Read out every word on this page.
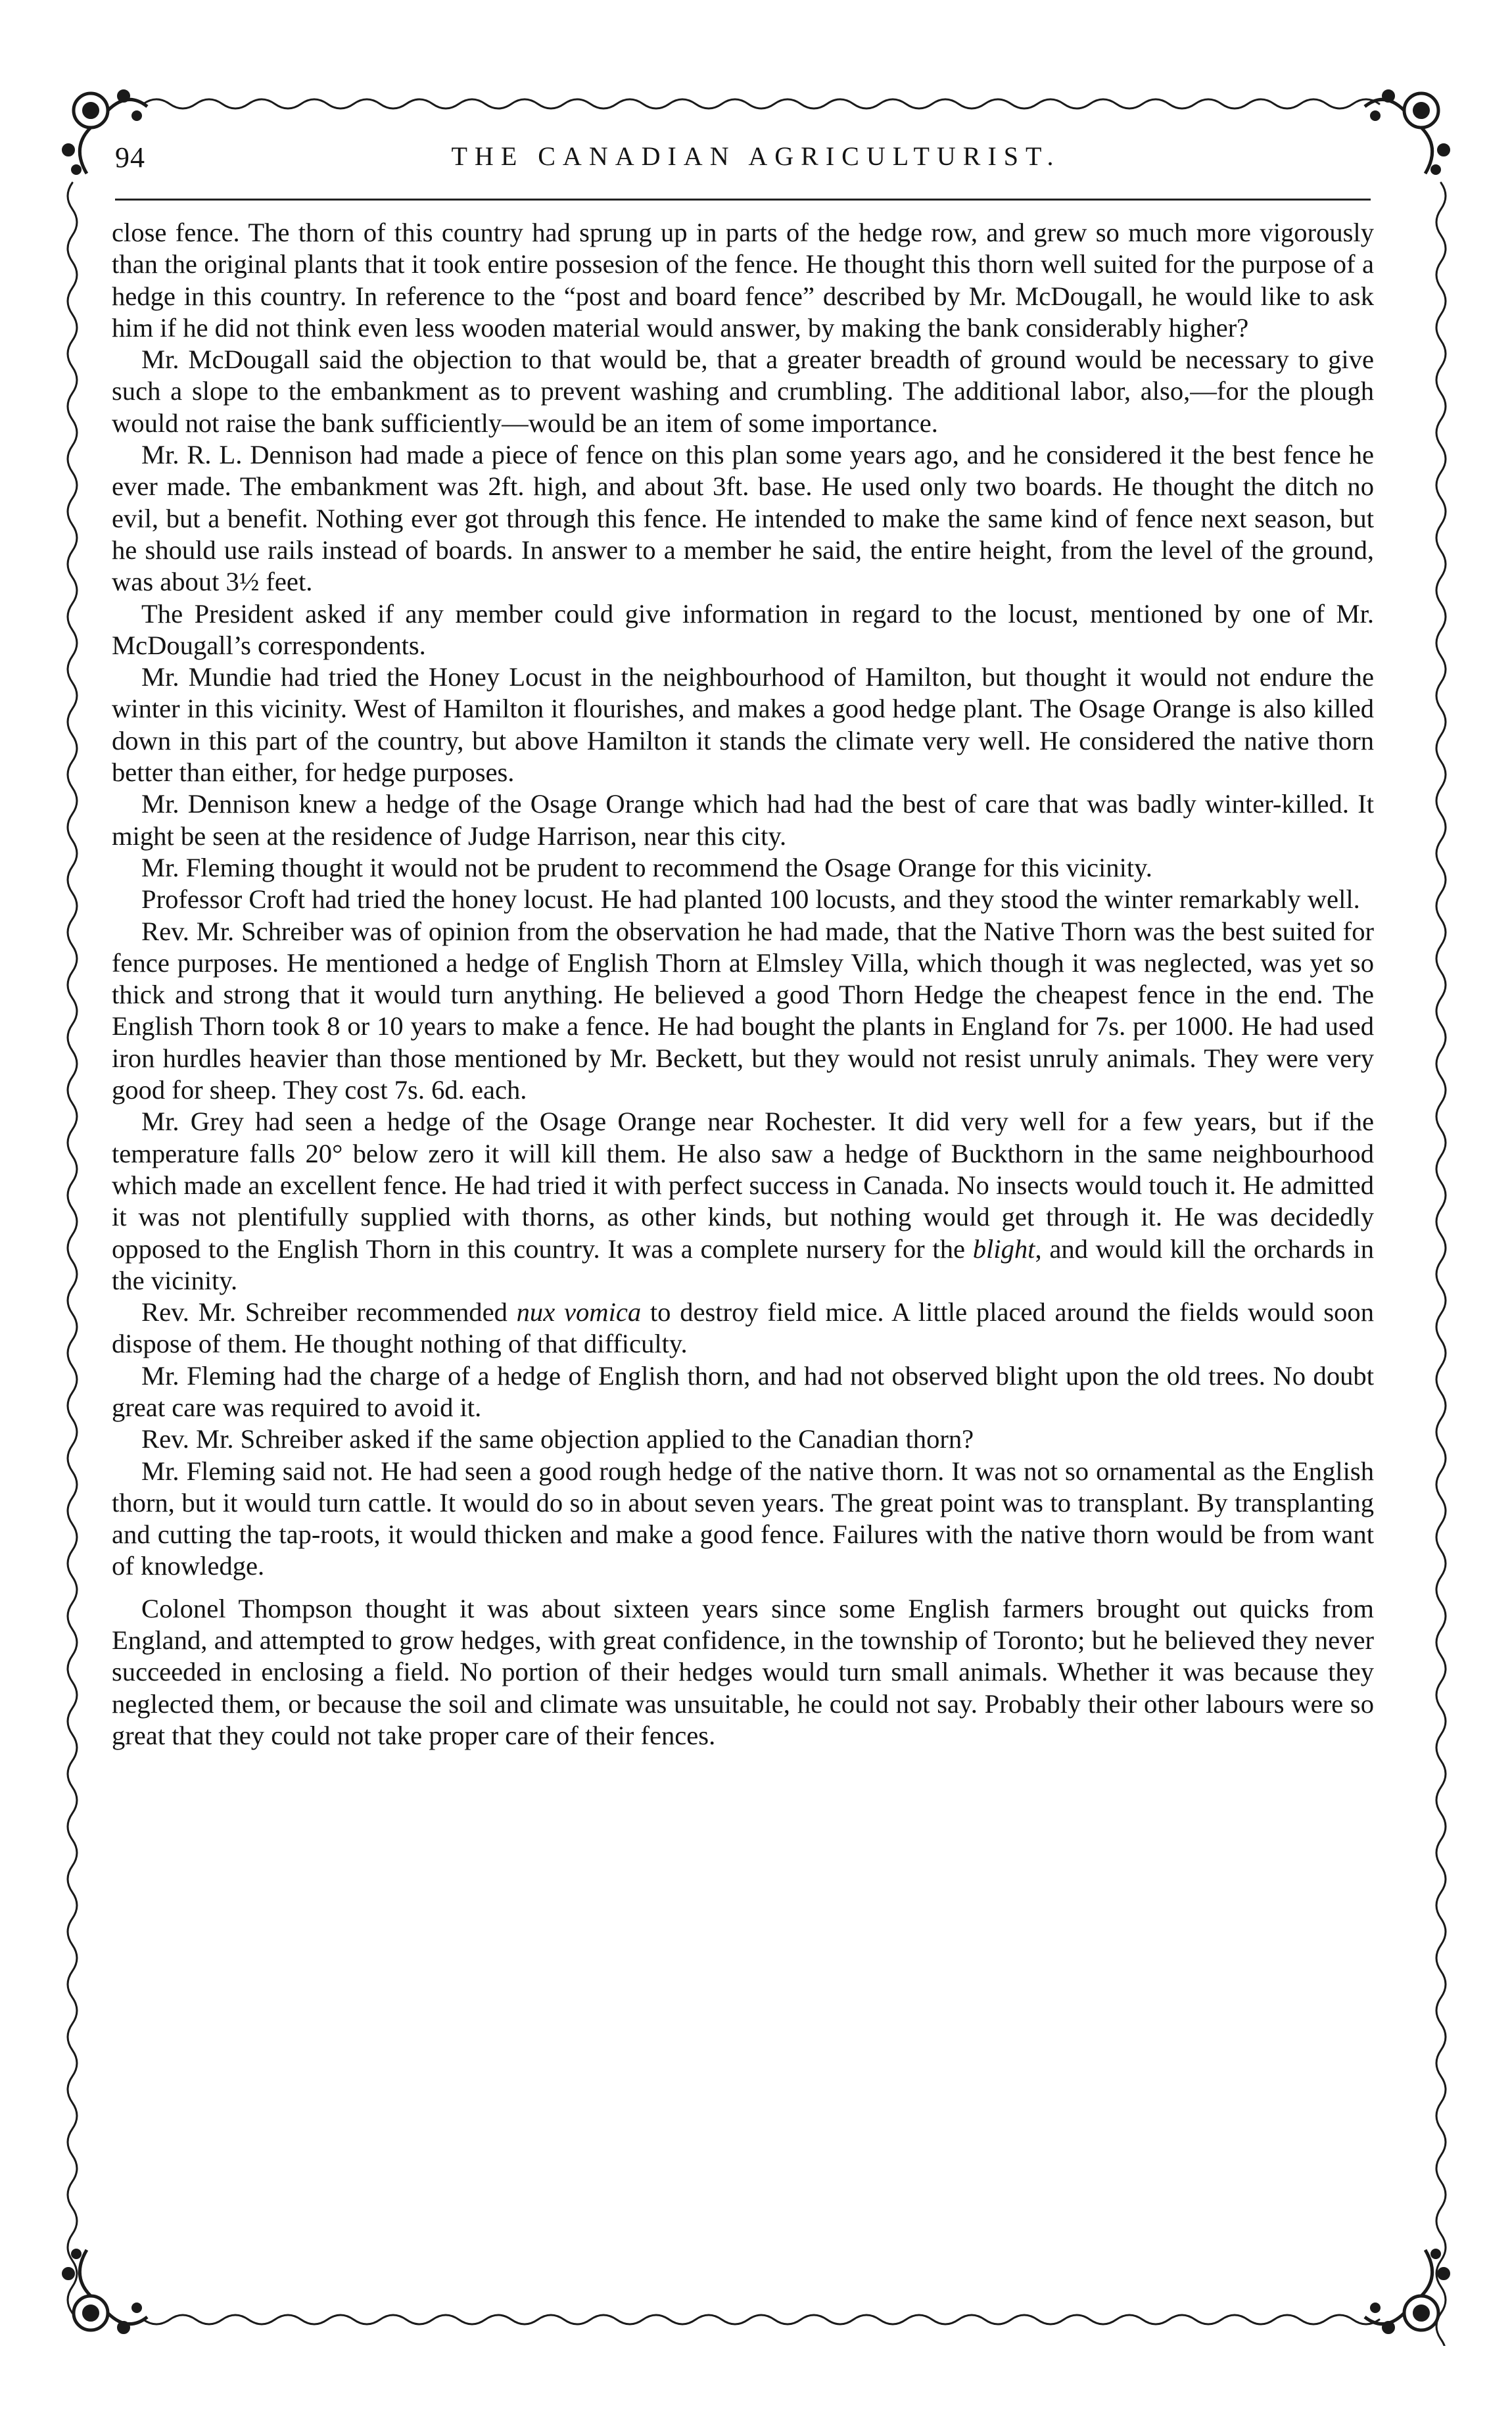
94	THE CANADIAN AGRICULTURIST.

close fence. The thorn of this country had sprung up in parts of the hedge row, and grew so much more vigorously than the original plants that it took entire possesion of the fence. He thought this thorn well suited for the purpose of a hedge in this country. In reference to the “post and board fence” described by Mr. McDougall, he would like to ask him if he did not think even less wooden material would answer, by making the bank considerably higher?

Mr. McDougall said the objection to that would be, that a greater breadth of ground would be necessary to give such a slope to the embankment as to prevent washing and crumbling. The additional labor, also,—for the plough would not raise the bank sufficiently—would be an item of some importance.

Mr. R. L. Dennison had made a piece of fence on this plan some years ago, and he considered it the best fence he ever made. The embankment was 2ft. high, and about 3ft. base. He used only two boards. He thought the ditch no evil, but a benefit. Nothing ever got through this fence. He intended to make the same kind of fence next season, but he should use rails instead of boards. In answer to a member he said, the entire height, from the level of the ground, was about 3½ feet.

The President asked if any member could give information in regard to the locust, mentioned by one of Mr. McDougall’s correspondents.

Mr. Mundie had tried the Honey Locust in the neighbourhood of Hamilton, but thought it would not endure the winter in this vicinity. West of Hamilton it flourishes, and makes a good hedge plant. The Osage Orange is also killed down in this part of the country, but above Hamilton it stands the climate very well. He considered the native thorn better than either, for hedge purposes.

Mr. Dennison knew a hedge of the Osage Orange which had had the best of care that was badly winter-killed. It might be seen at the residence of Judge Harrison, near this city.

Mr. Fleming thought it would not be prudent to recommend the Osage Orange for this vicinity.

Professor Croft had tried the honey locust. He had planted 100 locusts, and they stood the winter remarkably well.

Rev. Mr. Schreiber was of opinion from the observation he had made, that the Native Thorn was the best suited for fence purposes. He mentioned a hedge of English Thorn at Elmsley Villa, which though it was neglected, was yet so thick and strong that it would turn anything. He believed a good Thorn Hedge the cheapest fence in the end. The English Thorn took 8 or 10 years to make a fence. He had bought the plants in England for 7s. per 1000. He had used iron hurdles heavier than those mentioned by Mr. Beckett, but they would not resist unruly animals. They were very good for sheep. They cost 7s. 6d. each.

Mr. Grey had seen a hedge of the Osage Orange near Rochester. It did very well for a few years, but if the temperature falls 20° below zero it will kill them. He also saw a hedge of Buckthorn in the same neighbourhood which made an excellent fence. He had tried it with perfect success in Canada. No insects would touch it. He admitted it was not plentifully supplied with thorns, as other kinds, but nothing would get through it. He was decidedly opposed to the English Thorn in this country. It was a complete nursery for the blight, and would kill the orchards in the vicinity.

Rev. Mr. Schreiber recommended nux vomica to destroy field mice. A little placed around the fields would soon dispose of them. He thought nothing of that difficulty.

Mr. Fleming had the charge of a hedge of English thorn, and had not observed blight upon the old trees. No doubt great care was required to avoid it.

Rev. Mr. Schreiber asked if the same objection applied to the Canadian thorn?

Mr. Fleming said not. He had seen a good rough hedge of the native thorn. It was not so ornamental as the English thorn, but it would turn cattle. It would do so in about seven years. The great point was to transplant. By transplanting and cutting the tap-roots, it would thicken and make a good fence. Failures with the native thorn would be from want of knowledge.

Colonel Thompson thought it was about sixteen years since some English farmers brought out quicks from England, and attempted to grow hedges, with great confidence, in the township of Toronto; but he believed they never succeeded in enclosing a field. No portion of their hedges would turn small animals. Whether it was because they neglected them, or because the soil and climate was unsuitable, he could not say. Probably their other labours were so great that they could not take proper care of their fences.
